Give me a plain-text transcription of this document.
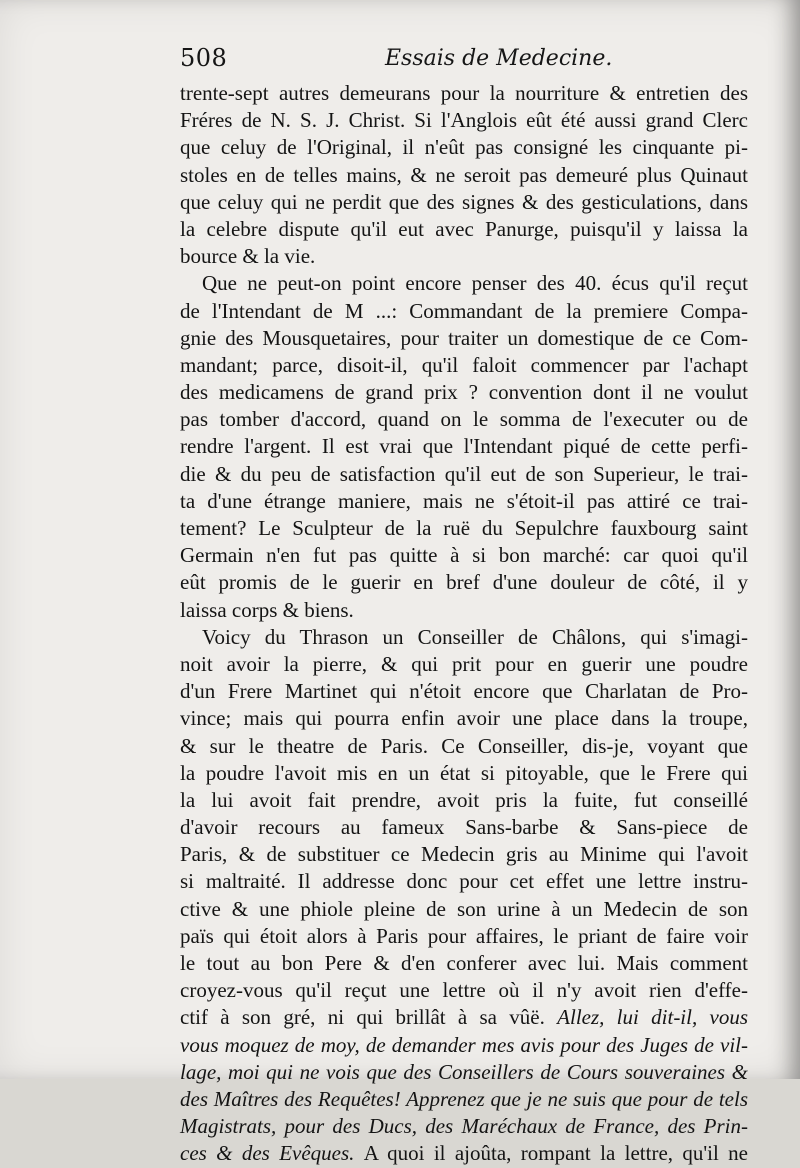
508	Essais de Medecine.
trente-sept autres demeurans pour la nourriture & entretien des
Fréres de N. S. J. Christ. Si l'Anglois eût été aussi grand Clerc
que celuy de l'Original, il n'eût pas consigné les cinquante pi-
stoles en de telles mains, & ne seroit pas demeuré plus Quinaut
que celuy qui ne perdit que des signes & des gesticulations, dans
la celebre dispute qu'il eut avec Panurge, puisqu'il y laissa la
bource & la vie.
Que ne peut-on point encore penser des 40. écus qu'il reçut
de l'Intendant de M ...: Commandant de la premiere Compa-
gnie des Mousquetaires, pour traiter un domestique de ce Com-
mandant; parce, disoit-il, qu'il faloit commencer par l'achapt
des medicamens de grand prix ? convention dont il ne voulut
pas tomber d'accord, quand on le somma de l'executer ou de
rendre l'argent. Il est vrai que l'Intendant piqué de cette perfi-
die & du peu de satisfaction qu'il eut de son Superieur, le trai-
ta d'une étrange maniere, mais ne s'étoit-il pas attiré ce trai-
tement? Le Sculpteur de la ruë du Sepulchre fauxbourg saint
Germain n'en fut pas quitte à si bon marché: car quoi qu'il
eût promis de le guerir en bref d'une douleur de côté, il y
laissa corps & biens.
Voicy du Thrason un Conseiller de Châlons, qui s'imagi-
noit avoir la pierre, & qui prit pour en guerir une poudre
d'un Frere Martinet qui n'étoit encore que Charlatan de Pro-
vince; mais qui pourra enfin avoir une place dans la troupe,
& sur le theatre de Paris. Ce Conseiller, dis-je, voyant que
la poudre l'avoit mis en un état si pitoyable, que le Frere qui
la lui avoit fait prendre, avoit pris la fuite, fut conseillé
d'avoir recours au fameux Sans-barbe & Sans-piece de
Paris, & de substituer ce Medecin gris au Minime qui l'avoit
si maltraité. Il addresse donc pour cet effet une lettre instru-
ctive & une phiole pleine de son urine à un Medecin de son
païs qui étoit alors à Paris pour affaires, le priant de faire voir
le tout au bon Pere & d'en conferer avec lui. Mais comment
croyez-vous qu'il reçut une lettre où il n'y avoit rien d'effe-
ctif à son gré, ni qui brillât à sa vûë. Allez, lui dit-il, vous
vous moquez de moy, de demander mes avis pour des Juges de vil-
lage, moi qui ne vois que des Conseillers de Cours souveraines &
des Maîtres des Requêtes! Apprenez que je ne suis que pour de tels
Magistrats, pour des Ducs, des Maréchaux de France, des Prin-
ces & des Evêques. A quoi il ajoûta, rompant la lettre, qu'il ne
